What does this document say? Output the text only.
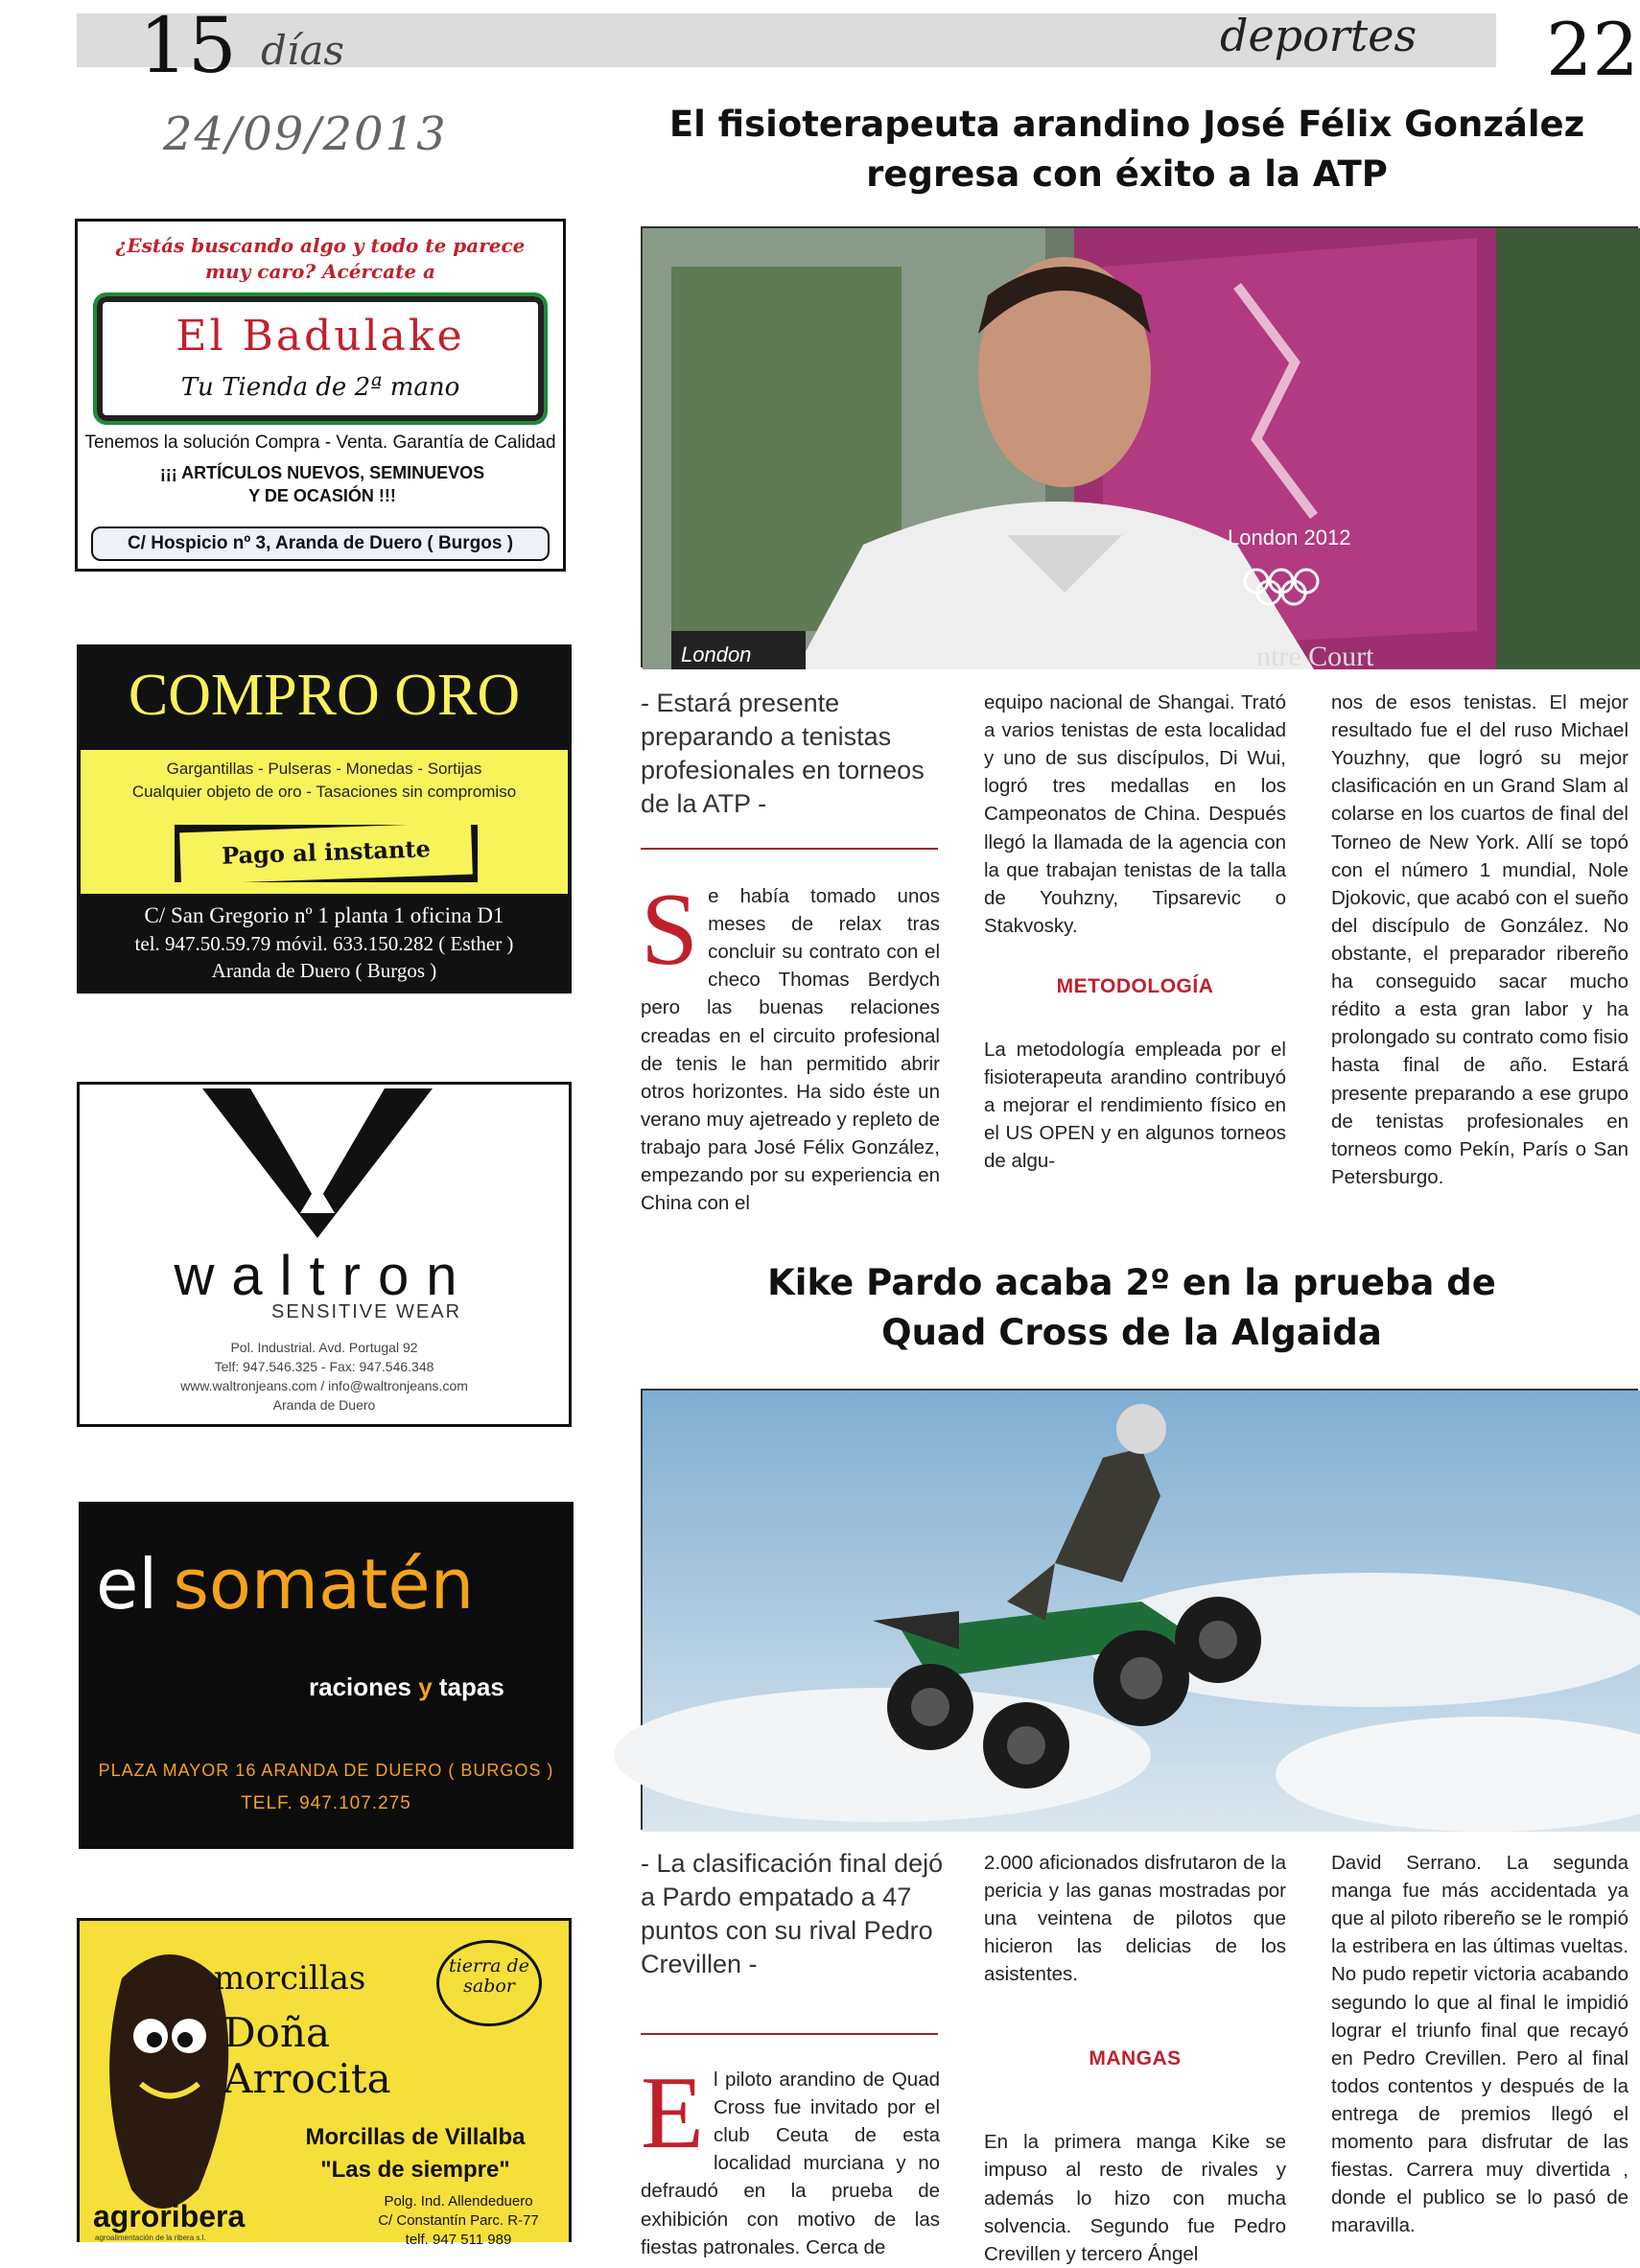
15 días
24/09/2013
deportes 22
El fisioterapeuta arandino José Félix González regresa con éxito a la ATP
London 2012
London	ntre Court
- Estará presente preparando a tenistas profesionales en torneos de la ATP -
S e había tomado unos meses de relax tras concluir su contrato con el checo Thomas Berdych pero las buenas relaciones creadas en el circuito profesional de tenis le han permitido abrir otros horizontes. Ha sido éste un verano muy ajetreado y repleto de trabajo para José Félix González, empezando por su experiencia en China con el

equipo nacional de Shangai. Trató a varios tenistas de esta localidad y uno de sus discípulos, Di Wui, logró tres medallas en los Campeonatos de China. Después llegó la llamada de la agencia con la que trabajan tenistas de la talla de Youhzny, Tipsarevic o Stakvosky.

METODOLOGÍA

La metodología empleada por el fisioterapeuta arandino contribuyó a mejorar el rendimiento físico en el US OPEN y en algunos torneos de algu-

nos de esos tenistas. El mejor resultado fue el del ruso Michael Youzhny, que logró su mejor clasificación en un Grand Slam al colarse en los cuartos de final del Torneo de New York. Allí se topó con el número 1 mundial, Nole Djokovic, que acabó con el sueño del discípulo de González. No obstante, el preparador ribereño ha conseguido sacar mucho rédito a esta gran labor y ha prolongado su contrato como fisio hasta final de año. Estará presente preparando a ese grupo de tenistas profesionales en torneos como Pekín, París o San Petersburgo.

Kike Pardo acaba 2º en la prueba de Quad Cross de la Algaida
- La clasificación final dejó a Pardo empatado a 47 puntos con su rival Pedro Crevillen -
E l piloto arandino de Quad Cross fue invitado por el club Ceuta de esta localidad murciana y no defraudó en la prueba de exhibición con motivo de las fiestas patronales. Cerca de

2.000 aficionados disfrutaron de la pericia y las ganas mostradas por una veintena de pilotos que hicieron las delicias de los asistentes.

MANGAS

En la primera manga Kike se impuso al resto de rivales y además lo hizo con mucha solvencia. Segundo fue Pedro Crevillen y tercero Ángel

David Serrano. La segunda manga fue más accidentada ya que al piloto ribereño se le rompió la estribera en las últimas vueltas. No pudo repetir victoria acabando segundo lo que al final le impidió lograr el triunfo final que recayó en Pedro Crevillen. Pero al final todos contentos y después de la entrega de premios llegó el momento para disfrutar de las fiestas. Carrera muy divertida , donde el publico se lo pasó de maravilla.

¿Estás buscando algo y todo te parece muy caro? Acércate a
El Badulake
Tu Tienda de 2ª mano
Tenemos la solución Compra - Venta. Garantía de Calidad
¡¡¡ ARTÍCULOS NUEVOS, SEMINUEVOS Y DE OCASIÓN !!!
C/ Hospicio nº 3, Aranda de Duero ( Burgos )
COMPRO ORO
Gargantillas - Pulseras - Monedas - Sortijas
Cualquier objeto de oro - Tasaciones sin compromiso
Pago al instante
C/ San Gregorio nº 1 planta 1 oficina D1
tel. 947.50.59.79 móvil. 633.150.282 ( Esther )
Aranda de Duero ( Burgos )
waltron
SENSITIVE WEAR
Pol. Industrial. Avd. Portugal 92
Telf: 947.546.325 - Fax: 947.546.348
www.waltronjeans.com / info@waltronjeans.com
Aranda de Duero
el somatén
raciones y tapas
PLAZA MAYOR 16 ARANDA DE DUERO ( BURGOS )
TELF. 947.107.275
morcillas
Doña
Arrocita
tierra de sabor
Morcillas de Villalba
"Las de siempre"
agroribera
agroalimentación de la ribera s.l.
Polg. Ind. Allendeduero
C/ Constantín Parc. R-77
telf. 947 511 989
